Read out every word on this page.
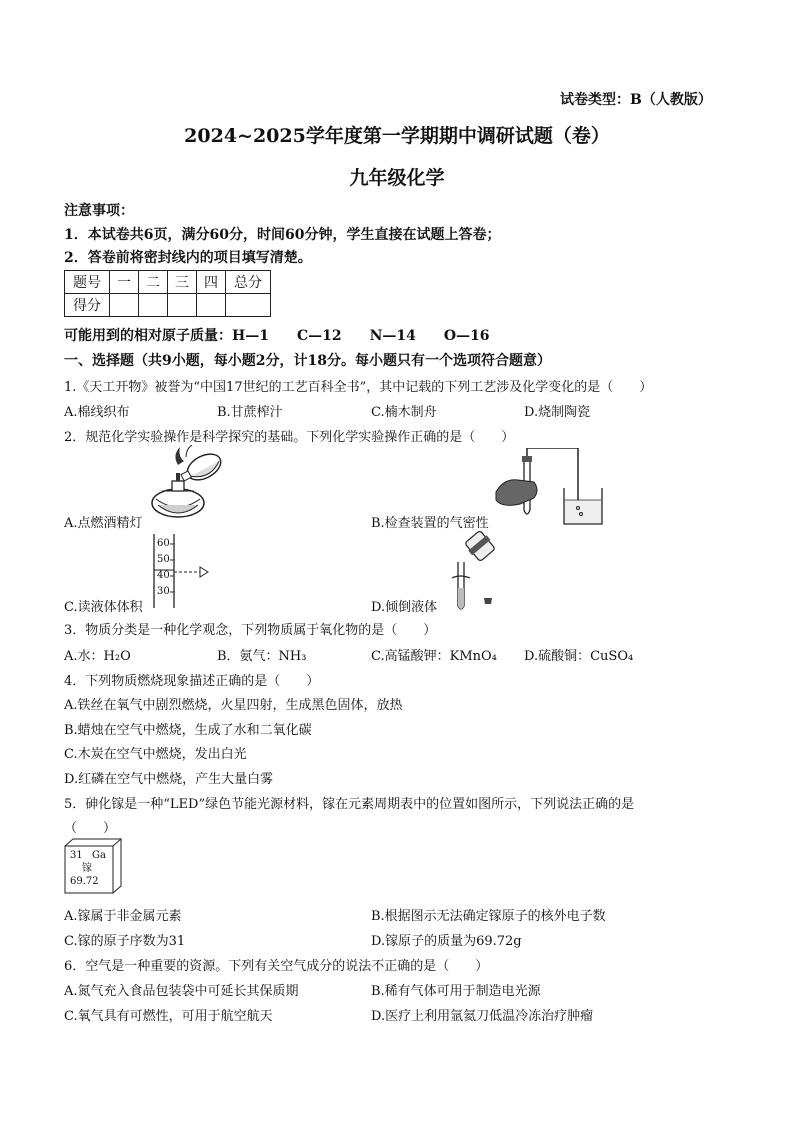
试卷类型：B（人教版）
2024~2025学年度第一学期期中调研试题（卷）
九年级化学
注意事项：
1．本试卷共6页，满分60分，时间60分钟，学生直接在试题上答卷；
2．答卷前将密封线内的项目填写清楚。
题号	一	二	三	四	总分
得分					
可能用到的相对原子质量：H—1　　C—12　　N—14　　O—16
一、选择题（共9小题，每小题2分，计18分。每小题只有一个选项符合题意）
1.《天工开物》被誉为“中国17世纪的工艺百科全书”，其中记载的下列工艺涉及化学变化的是（　　）
A.棉线织布	B.甘蔗榨汁	C.楠木制舟	D.烧制陶瓷
2．规范化学实验操作是科学探究的基础。下列化学实验操作正确的是（　　）
A.点燃酒精灯	B.检查装置的气密性
60
50
40
30
C.读液体体积	D.倾倒液体
3．物质分类是一种化学观念，下列物质属于氧化物的是（　　）
A.水：H₂O	B．氨气：NH₃	C.高锰酸钾：KMnO₄ D.硫酸铜：CuSO₄
4．下列物质燃烧现象描述正确的是（　　）
A.铁丝在氧气中剧烈燃烧，火星四射，生成黑色固体，放热
B.蜡烛在空气中燃烧，生成了水和二氧化碳
C.木炭在空气中燃烧，发出白光
D.红磷在空气中燃烧，产生大量白雾
5．砷化镓是一种“LED”绿色节能光源材料，镓在元素周期表中的位置如图所示，下列说法正确的是
（　　）
31 Ga
镓
69.72
A.镓属于非金属元素	B.根据图示无法确定镓原子的核外电子数
C.镓的原子序数为31	D.镓原子的质量为69.72g
6．空气是一种重要的资源。下列有关空气成分的说法不正确的是（　　）
A.氮气充入食品包装袋中可延长其保质期	B.稀有气体可用于制造电光源
C.氧气具有可燃性，可用于航空航天	D.医疗上利用氩氦刀低温冷冻治疗肿瘤
